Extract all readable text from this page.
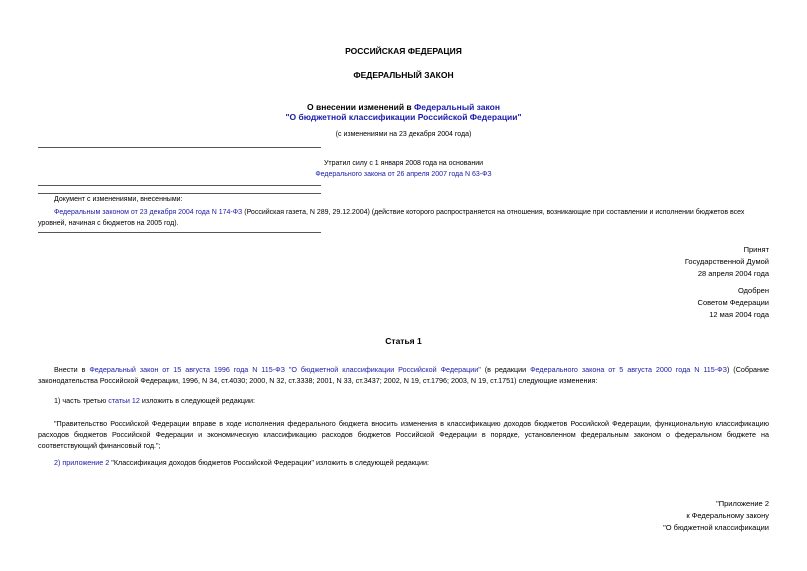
РОССИЙСКАЯ ФЕДЕРАЦИЯ
ФЕДЕРАЛЬНЫЙ ЗАКОН
О внесении изменений в Федеральный закон
"О бюджетной классификации Российской Федерации"
(с изменениями на 23 декабря 2004 года)
Утратил силу с 1 января 2008 года на основании
Федерального закона от 26 апреля 2007 года N 63-ФЗ
Документ с изменениями, внесенными:
Федеральным законом от 23 декабря 2004 года N 174-ФЗ (Российская газета, N 289, 29.12.2004) (действие которого распространяется на отношения, возникающие при составлении и исполнении бюджетов всех уровней, начиная с бюджетов на 2005 год).
Принят
Государственной Думой
28 апреля 2004 года
Одобрен
Советом Федерации
12 мая 2004 года
Статья 1
Внести в Федеральный закон от 15 августа 1996 года N 115-ФЗ "О бюджетной классификации Российской Федерации" (в редакции Федерального закона от 5 августа 2000 года N 115-ФЗ) (Собрание законодательства Российской Федерации, 1996, N 34, ст.4030; 2000, N 32, ст.3338; 2001, N 33, ст.3437; 2002, N 19, ст.1796; 2003, N 19, ст.1751) следующие изменения:
1) часть третью статьи 12 изложить в следующей редакции:
"Правительство Российской Федерации вправе в ходе исполнения федерального бюджета вносить изменения в классификацию доходов бюджетов Российской Федерации, функциональную классификацию расходов бюджетов Российской Федерации и экономическую классификацию расходов бюджетов Российской Федерации в порядке, установленном федеральным законом о федеральном бюджете на соответствующий финансовый год.";
2) приложение 2 "Классификация доходов бюджетов Российской Федерации" изложить в следующей редакции:
"Приложение 2
к Федеральному закону
"О бюджетной классификации
